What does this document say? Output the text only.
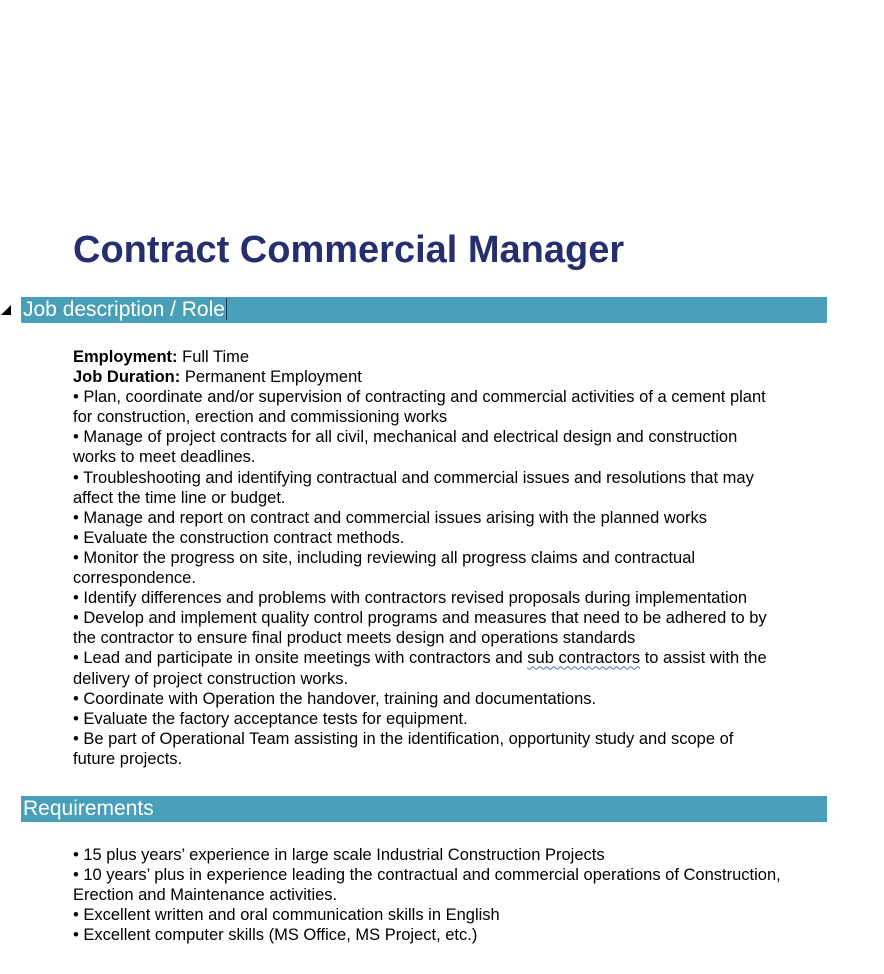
Contract Commercial Manager
Job description / Role
Employment: Full Time
Job Duration: Permanent Employment
• Plan, coordinate and/or supervision of contracting and commercial activities of a cement plant
for construction, erection and commissioning works
• Manage of project contracts for all civil, mechanical and electrical design and construction
works to meet deadlines.
• Troubleshooting and identifying contractual and commercial issues and resolutions that may
affect the time line or budget.
• Manage and report on contract and commercial issues arising with the planned works
• Evaluate the construction contract methods.
• Monitor the progress on site, including reviewing all progress claims and contractual
correspondence.
• Identify differences and problems with contractors revised proposals during implementation
• Develop and implement quality control programs and measures that need to be adhered to by
the contractor to ensure final product meets design and operations standards
• Lead and participate in onsite meetings with contractors and sub contractors to assist with the
delivery of project construction works.
• Coordinate with Operation the handover, training and documentations.
• Evaluate the factory acceptance tests for equipment.
• Be part of Operational Team assisting in the identification, opportunity study and scope of
future projects.
Requirements
• 15 plus years’ experience in large scale Industrial Construction Projects
• 10 years’ plus in experience leading the contractual and commercial operations of Construction,
Erection and Maintenance activities.
• Excellent written and oral communication skills in English
• Excellent computer skills (MS Office, MS Project, etc.)
